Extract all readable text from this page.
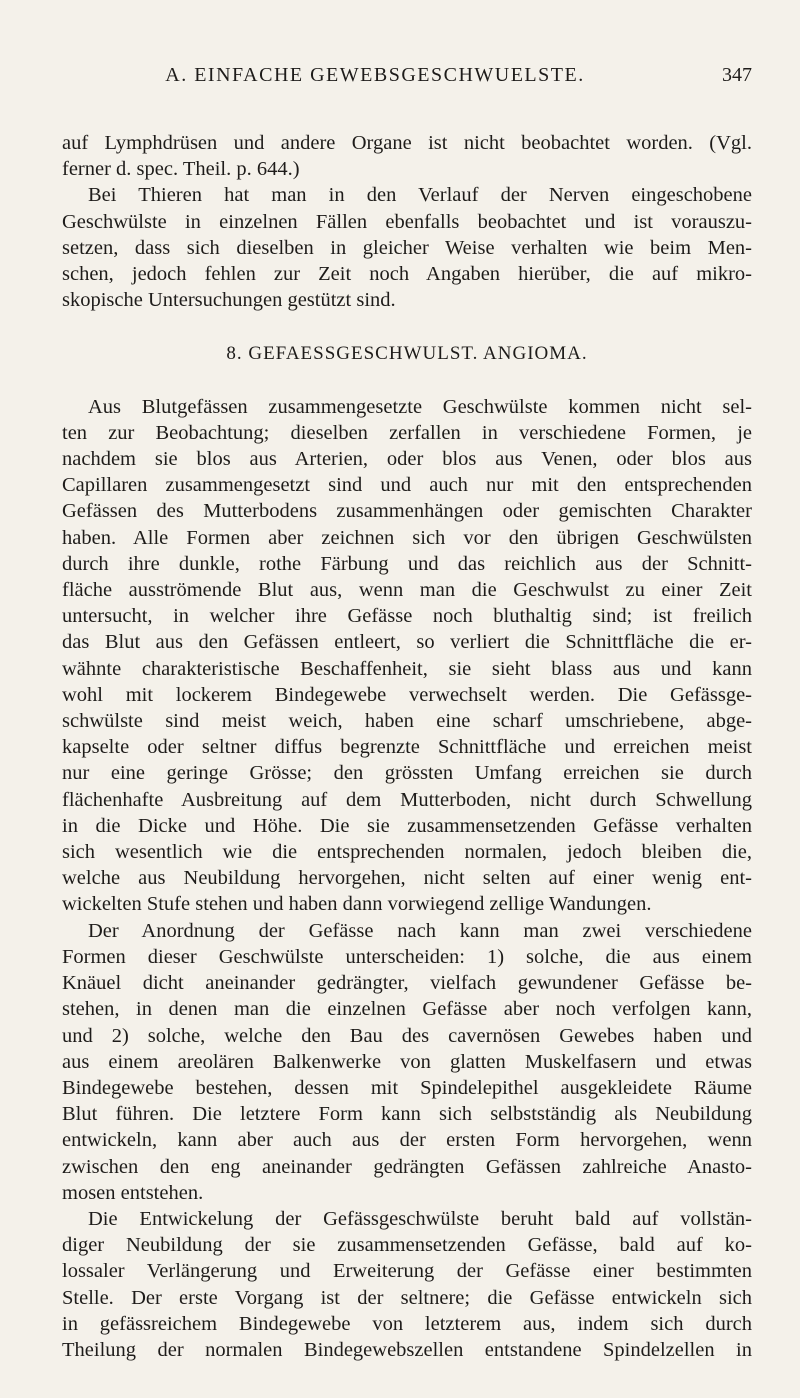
A. EINFACHE GEWEBSGESCHWUELSTE.	347
auf Lymphdrüsen und andere Organe ist nicht beobachtet worden. (Vgl.
ferner d. spec. Theil. p. 644.)
Bei Thieren hat man in den Verlauf der Nerven eingeschobene
Geschwülste in einzelnen Fällen ebenfalls beobachtet und ist vorauszu-
setzen, dass sich dieselben in gleicher Weise verhalten wie beim Men-
schen, jedoch fehlen zur Zeit noch Angaben hierüber, die auf mikro-
skopische Untersuchungen gestützt sind.
8. GEFAESSGESCHWULST. ANGIOMA.
Aus Blutgefässen zusammengesetzte Geschwülste kommen nicht sel-
ten zur Beobachtung; dieselben zerfallen in verschiedene Formen, je
nachdem sie blos aus Arterien, oder blos aus Venen, oder blos aus
Capillaren zusammengesetzt sind und auch nur mit den entsprechenden
Gefässen des Mutterbodens zusammenhängen oder gemischten Charakter
haben. Alle Formen aber zeichnen sich vor den übrigen Geschwülsten
durch ihre dunkle, rothe Färbung und das reichlich aus der Schnitt-
fläche ausströmende Blut aus, wenn man die Geschwulst zu einer Zeit
untersucht, in welcher ihre Gefässe noch bluthaltig sind; ist freilich
das Blut aus den Gefässen entleert, so verliert die Schnittfläche die er-
wähnte charakteristische Beschaffenheit, sie sieht blass aus und kann
wohl mit lockerem Bindegewebe verwechselt werden. Die Gefässge-
schwülste sind meist weich, haben eine scharf umschriebene, abge-
kapselte oder seltner diffus begrenzte Schnittfläche und erreichen meist
nur eine geringe Grösse; den grössten Umfang erreichen sie durch
flächenhafte Ausbreitung auf dem Mutterboden, nicht durch Schwellung
in die Dicke und Höhe. Die sie zusammensetzenden Gefässe verhalten
sich wesentlich wie die entsprechenden normalen, jedoch bleiben die,
welche aus Neubildung hervorgehen, nicht selten auf einer wenig ent-
wickelten Stufe stehen und haben dann vorwiegend zellige Wandungen.
Der Anordnung der Gefässe nach kann man zwei verschiedene
Formen dieser Geschwülste unterscheiden: 1) solche, die aus einem
Knäuel dicht aneinander gedrängter, vielfach gewundener Gefässe be-
stehen, in denen man die einzelnen Gefässe aber noch verfolgen kann,
und 2) solche, welche den Bau des cavernösen Gewebes haben und
aus einem areolären Balkenwerke von glatten Muskelfasern und etwas
Bindegewebe bestehen, dessen mit Spindelepithel ausgekleidete Räume
Blut führen. Die letztere Form kann sich selbstständig als Neubildung
entwickeln, kann aber auch aus der ersten Form hervorgehen, wenn
zwischen den eng aneinander gedrängten Gefässen zahlreiche Anasto-
mosen entstehen.
Die Entwickelung der Gefässgeschwülste beruht bald auf vollstän-
diger Neubildung der sie zusammensetzenden Gefässe, bald auf ko-
lossaler Verlängerung und Erweiterung der Gefässe einer bestimmten
Stelle. Der erste Vorgang ist der seltnere; die Gefässe entwickeln sich
in gefässreichem Bindegewebe von letzterem aus, indem sich durch
Theilung der normalen Bindegewebszellen entstandene Spindelzellen in
